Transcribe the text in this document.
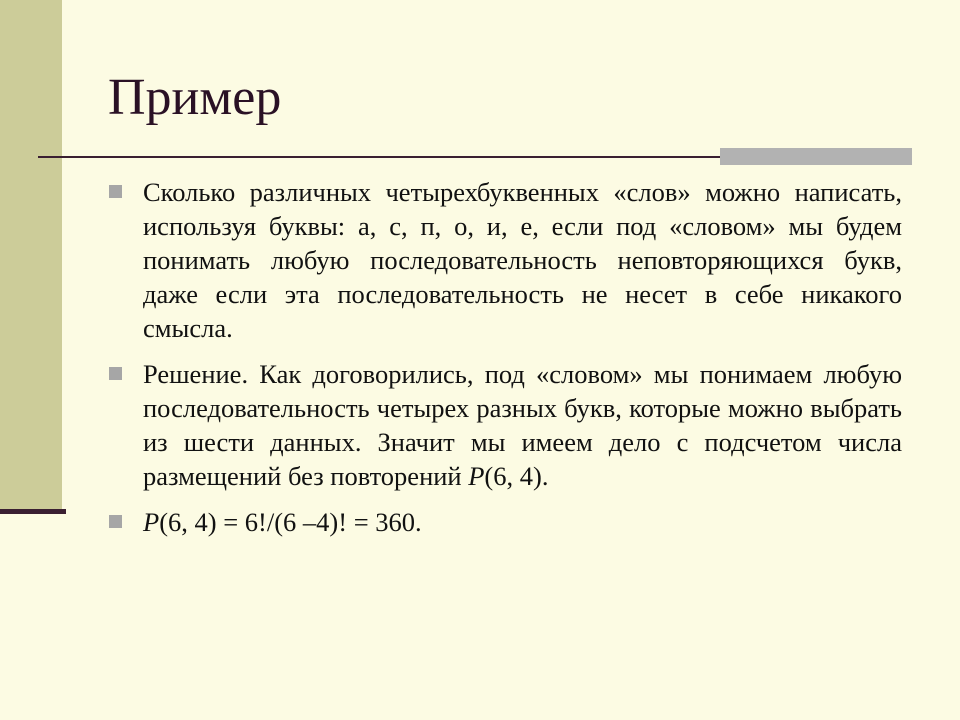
Пример
Сколько различных четырехбуквенных «слов» можно написать, используя буквы: а, с, п, о, и, е, если под «словом» мы будем понимать любую последовательность неповторяющихся букв, даже если эта последовательность не несет в себе никакого смысла.
Решение. Как договорились, под «словом» мы понимаем любую последовательность четырех разных букв, которые можно выбрать из шести данных. Значит мы имеем дело с подсчетом числа размещений без повторений P(6, 4).
P(6, 4) = 6!/(6 –4)! = 360.
